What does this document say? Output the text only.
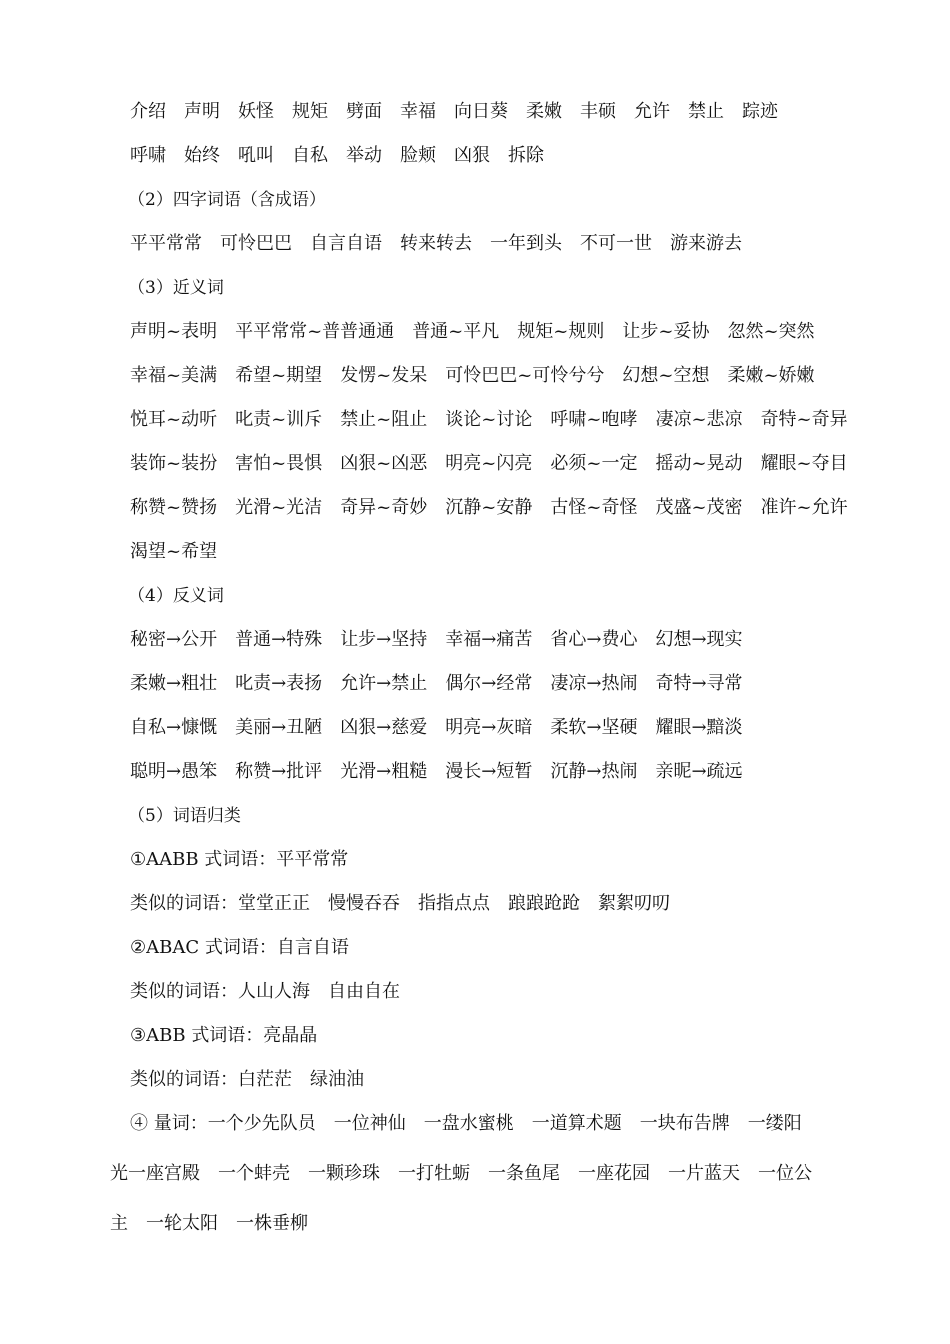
介绍 声明 妖怪 规矩 劈面 幸福 向日葵 柔嫩 丰硕 允许 禁止 踪迹
呼啸 始终 吼叫 自私 举动 脸颊 凶狠 拆除
（2）四字词语（含成语）
平平常常 可怜巴巴 自言自语 转来转去 一年到头 不可一世 游来游去
（3）近义词
声明~表明 平平常常~普普通通 普通~平凡 规矩~规则 让步~妥协 忽然~突然
幸福~美满 希望~期望 发愣~发呆 可怜巴巴~可怜兮兮 幻想~空想 柔嫩~娇嫩
悦耳~动听 叱责~训斥 禁止~阻止 谈论~讨论 呼啸~咆哮 凄凉~悲凉 奇特~奇异
装饰~装扮 害怕~畏惧 凶狠~凶恶 明亮~闪亮 必须~一定 摇动~晃动 耀眼~夺目
称赞~赞扬 光滑~光洁 奇异~奇妙 沉静~安静 古怪~奇怪 茂盛~茂密 准许~允许
渴望~希望
（4）反义词
秘密→公开 普通→特殊 让步→坚持 幸福→痛苦 省心→费心 幻想→现实
柔嫩→粗壮 叱责→表扬 允许→禁止 偶尔→经常 凄凉→热闹 奇特→寻常
自私→慷慨 美丽→丑陋 凶狠→慈爱 明亮→灰暗 柔软→坚硬 耀眼→黯淡
聪明→愚笨 称赞→批评 光滑→粗糙 漫长→短暂 沉静→热闹 亲昵→疏远
（5）词语归类
①AABB 式词语：平平常常
类似的词语：堂堂正正　慢慢吞吞　指指点点　踉踉跄跄　絮絮叨叨
②ABAC 式词语：自言自语
类似的词语：人山人海　自由自在
③ABB 式词语：亮晶晶
类似的词语：白茫茫　绿油油
④ 量词：一个少先队员　一位神仙　一盘水蜜桃　一道算术题　一块布告牌　一缕阳
光一座宫殿　一个蚌壳　一颗珍珠　一打牡蛎　一条鱼尾　一座花园　一片蓝天　一位公
主　一轮太阳　一株垂柳
